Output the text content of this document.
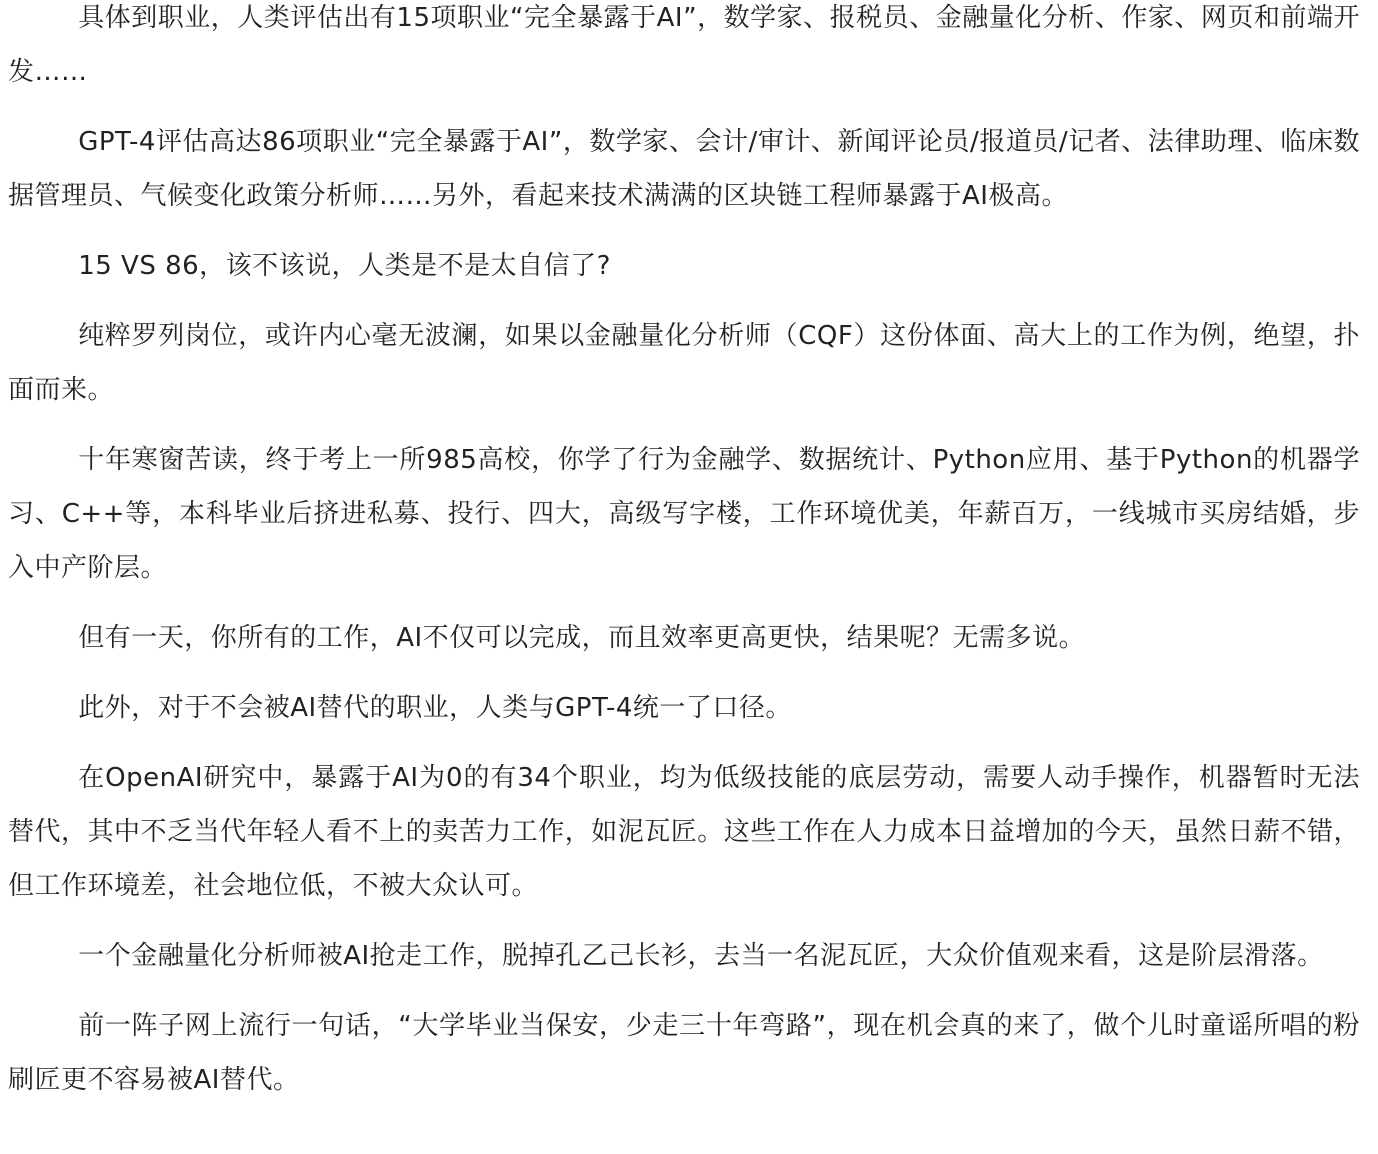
具体到职业，人类评估出有15项职业“完全暴露于AI”，数学家、报税员、金融量化分析、作家、网页和前端开发……

GPT-4评估高达86项职业“完全暴露于AI”，数学家、会计/审计、新闻评论员/报道员/记者、法律助理、临床数据管理员、气候变化政策分析师……另外，看起来技术满满的区块链工程师暴露于AI极高。

15 VS 86，该不该说，人类是不是太自信了?

纯粹罗列岗位，或许内心毫无波澜，如果以金融量化分析师（CQF）这份体面、高大上的工作为例，绝望，扑面而来。

十年寒窗苦读，终于考上一所985高校，你学了行为金融学、数据统计、Python应用、基于Python的机器学习、C++等，本科毕业后挤进私募、投行、四大，高级写字楼，工作环境优美，年薪百万，一线城市买房结婚，步入中产阶层。

但有一天，你所有的工作，AI不仅可以完成，而且效率更高更快，结果呢？无需多说。

此外，对于不会被AI替代的职业，人类与GPT-4统一了口径。

在OpenAI研究中，暴露于AI为0的有34个职业，均为低级技能的底层劳动，需要人动手操作，机器暂时无法替代，其中不乏当代年轻人看不上的卖苦力工作，如泥瓦匠。这些工作在人力成本日益增加的今天，虽然日薪不错，但工作环境差，社会地位低，不被大众认可。

一个金融量化分析师被AI抢走工作，脱掉孔乙己长衫，去当一名泥瓦匠，大众价值观来看，这是阶层滑落。

前一阵子网上流行一句话，“大学毕业当保安，少走三十年弯路”，现在机会真的来了，做个儿时童谣所唱的粉刷匠更不容易被AI替代。
